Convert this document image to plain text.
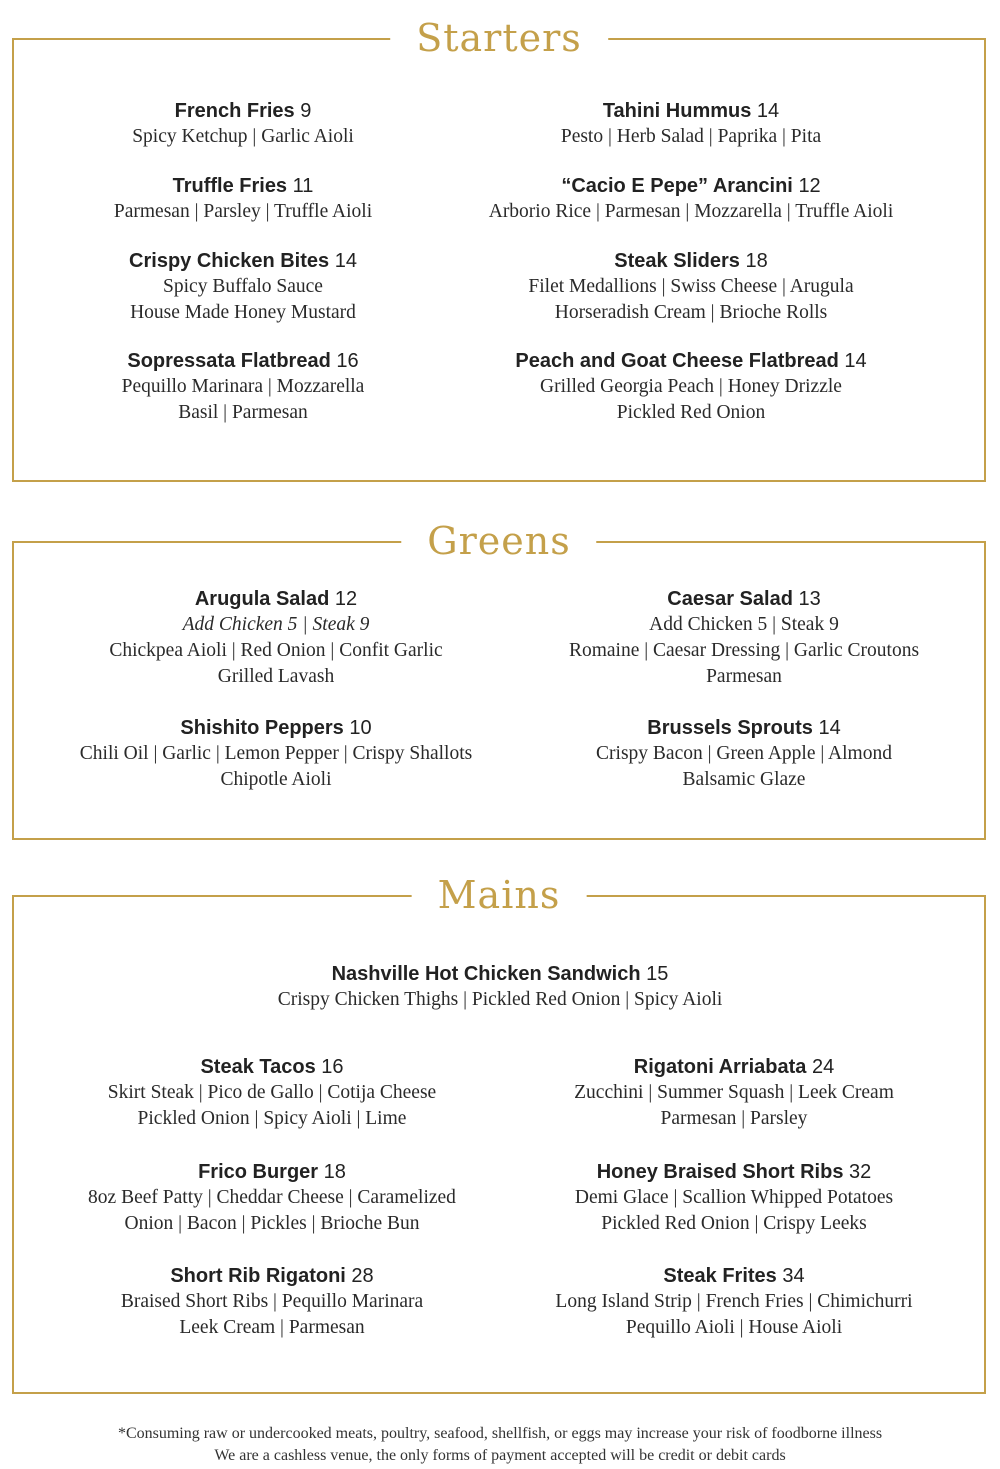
Starters
Greens
Mains
French Fries 9
Spicy Ketchup | Garlic Aioli
Tahini Hummus 14
Pesto | Herb Salad | Paprika | Pita
Truffle Fries 11
Parmesan | Parsley | Truffle Aioli
“Cacio E Pepe” Arancini 12
Arborio Rice | Parmesan | Mozzarella | Truffle Aioli
Crispy Chicken Bites 14
Spicy Buffalo Sauce
House Made Honey Mustard
Steak Sliders 18
Filet Medallions | Swiss Cheese | Arugula
Horseradish Cream | Brioche Rolls
Sopressata Flatbread 16
Pequillo Marinara | Mozzarella
Basil | Parmesan
Peach and Goat Cheese Flatbread 14
Grilled Georgia Peach | Honey Drizzle
Pickled Red Onion
Arugula Salad 12
Add Chicken 5 | Steak 9
Chickpea Aioli | Red Onion | Confit Garlic
Grilled Lavash
Caesar Salad 13
Add Chicken 5 | Steak 9
Romaine | Caesar Dressing | Garlic Croutons
Parmesan
Shishito Peppers 10
Chili Oil | Garlic | Lemon Pepper | Crispy Shallots
Chipotle Aioli
Brussels Sprouts 14
Crispy Bacon | Green Apple | Almond
Balsamic Glaze
Nashville Hot Chicken Sandwich 15
Crispy Chicken Thighs | Pickled Red Onion | Spicy Aioli
Steak Tacos 16
Skirt Steak | Pico de Gallo | Cotija Cheese
Pickled Onion | Spicy Aioli | Lime
Rigatoni Arriabata 24
Zucchini | Summer Squash | Leek Cream
Parmesan | Parsley
Frico Burger 18
8oz Beef Patty | Cheddar Cheese | Caramelized
Onion | Bacon | Pickles | Brioche Bun
Honey Braised Short Ribs 32
Demi Glace | Scallion Whipped Potatoes
Pickled Red Onion | Crispy Leeks
Short Rib Rigatoni 28
Braised Short Ribs | Pequillo Marinara
Leek Cream | Parmesan
Steak Frites 34
Long Island Strip | French Fries | Chimichurri
Pequillo Aioli | House Aioli
*Consuming raw or undercooked meats, poultry, seafood, shellfish, or eggs may increase your risk of foodborne illness
We are a cashless venue, the only forms of payment accepted will be credit or debit cards
